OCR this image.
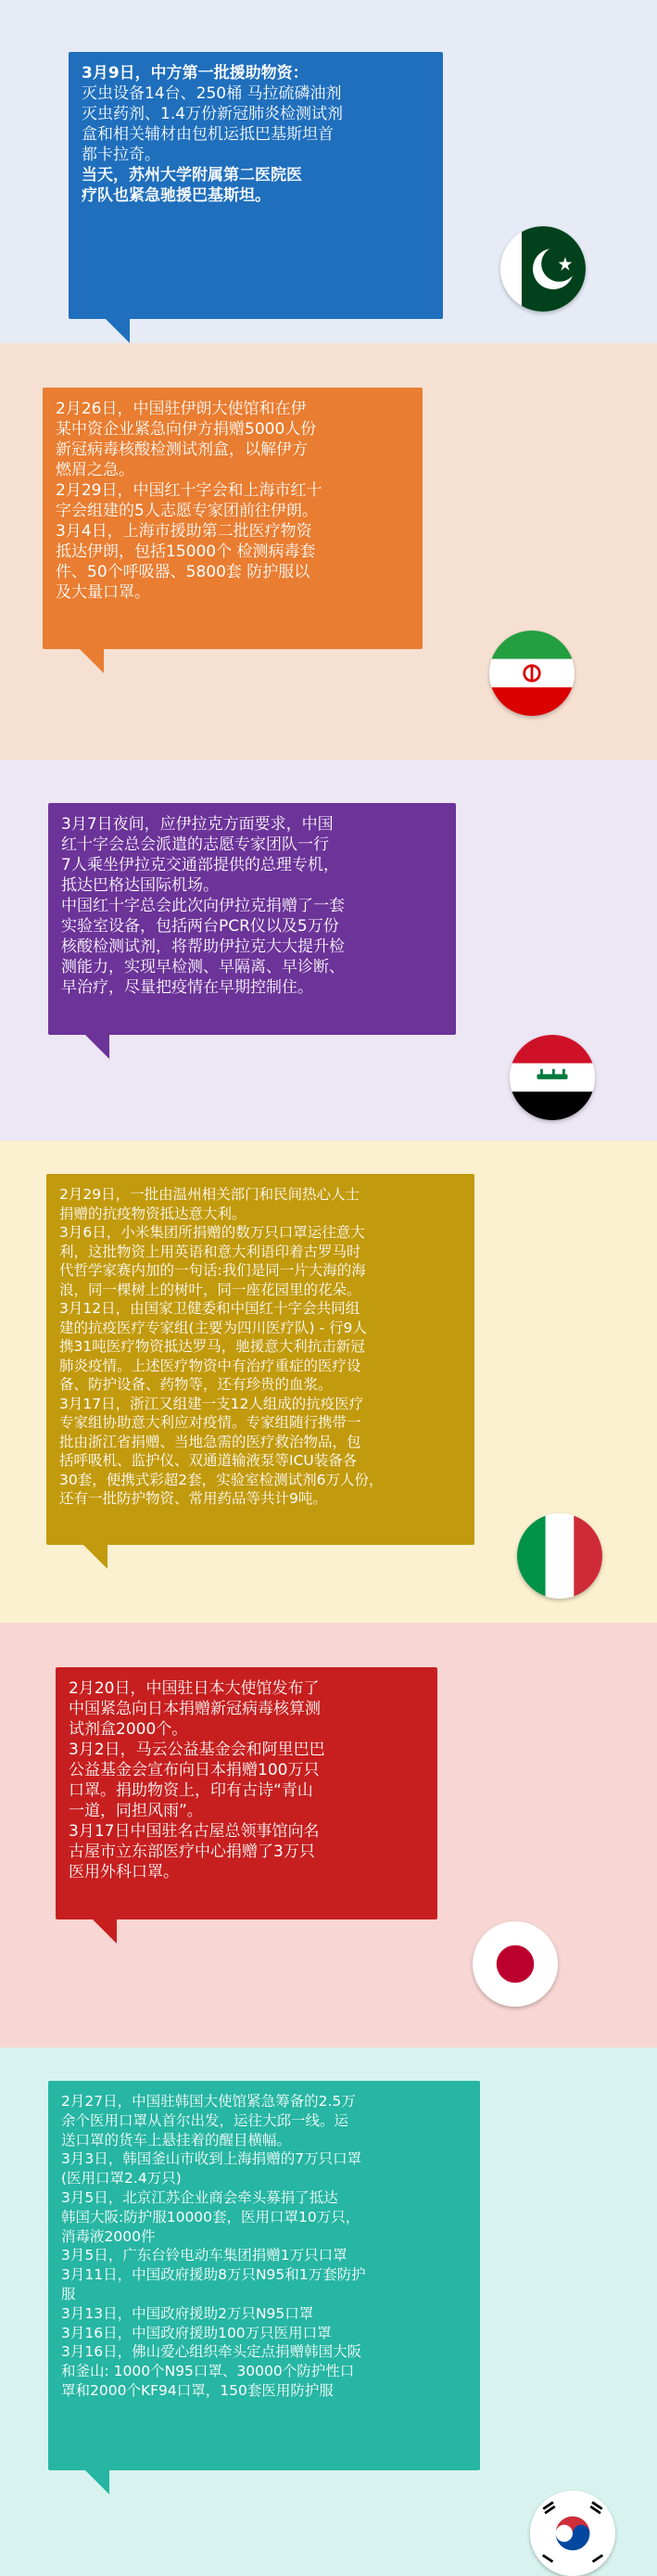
3月9日，中方第一批援助物资：

灭虫设备14台、250桶 马拉硫磷油剂
灭虫药剂、1.4万份新冠肺炎检测试剂
盒和相关辅材由包机运抵巴基斯坦首
都卡拉奇。

当天，苏州大学附属第二医院医
疗队也紧急驰援巴基斯坦。

2月26日，中国驻伊朗大使馆和在伊
某中资企业紧急向伊方捐赠5000人份
新冠病毒核酸检测试剂盒，以解伊方
燃眉之急。
2月29日，中国红十字会和上海市红十
字会组建的5人志愿专家团前往伊朗。
3月4日，上海市援助第二批医疗物资
抵达伊朗，包括15000个 检测病毒套
件、50个呼吸器、5800套 防护服以
及大量口罩。

3月7日夜间，应伊拉克方面要求，中国
红十字会总会派遣的志愿专家团队一行
7人乘坐伊拉克交通部提供的总理专机，
抵达巴格达国际机场。
中国红十字总会此次向伊拉克捐赠了一套
实验室设备，包括两台PCR仪以及5万份
核酸检测试剂，将帮助伊拉克大大提升检
测能力，实现早检测、早隔离、早诊断、
早治疗，尽量把疫情在早期控制住。

2月29日，一批由温州相关部门和民间热心人士
捐赠的抗疫物资抵达意大利。
3月6日，小米集团所捐赠的数万只口罩运往意大
利，这批物资上用英语和意大利语印着古罗马时
代哲学家赛内加的一句话:我们是同一片大海的海
浪，同一棵树上的树叶，同一座花园里的花朵。
3月12日，由国家卫健委和中国红十字会共同组
建的抗疫医疗专家组(主要为四川医疗队) - 行9人
携31吨医疗物资抵达罗马，驰援意大利抗击新冠
肺炎疫情。上述医疗物资中有治疗重症的医疗设
备、防护设备、药物等，还有珍贵的血浆。
3月17日，浙江又组建一支12人组成的抗疫医疗
专家组协助意大利应对疫情。专家组随行携带一
批由浙江省捐赠、当地急需的医疗救治物品，包
括呼吸机、监护仪、双通道输液泵等ICU装备各
30套，便携式彩超2套，实验室检测试剂6万人份，
还有一批防护物资、常用药品等共计9吨。

2月20日，中国驻日本大使馆发布了
中国紧急向日本捐赠新冠病毒核算测
试剂盒2000个。
3月2日，马云公益基金会和阿里巴巴
公益基金会宣布向日本捐赠100万只
口罩。捐助物资上，印有古诗“青山
一道，同担风雨”。
3月17日中国驻名古屋总领事馆向名
古屋市立东部医疗中心捐赠了3万只
医用外科口罩。

2月27日，中国驻韩国大使馆紧急筹备的2.5万
余个医用口罩从首尔出发，运往大邱一线。运
送口罩的货车上悬挂着的醒目横幅。
3月3日，韩国釜山市收到上海捐赠的7万只口罩
(医用口罩2.4万只)
3月5日，北京江苏企业商会牵头募捐了抵达
韩国大阪:防护服10000套，医用口罩10万只，
消毒液2000件
3月5日，广东台铃电动车集团捐赠1万只口罩
3月11日，中国政府援助8万只N95和1万套防护
服
3月13日，中国政府援助2万只N95口罩
3月16日，中国政府援助100万只医用口罩
3月16日，佛山爱心组织牵头定点捐赠韩国大阪
和釜山: 1000个N95口罩、30000个防护性口
罩和2000个KF94口罩，150套医用防护服
